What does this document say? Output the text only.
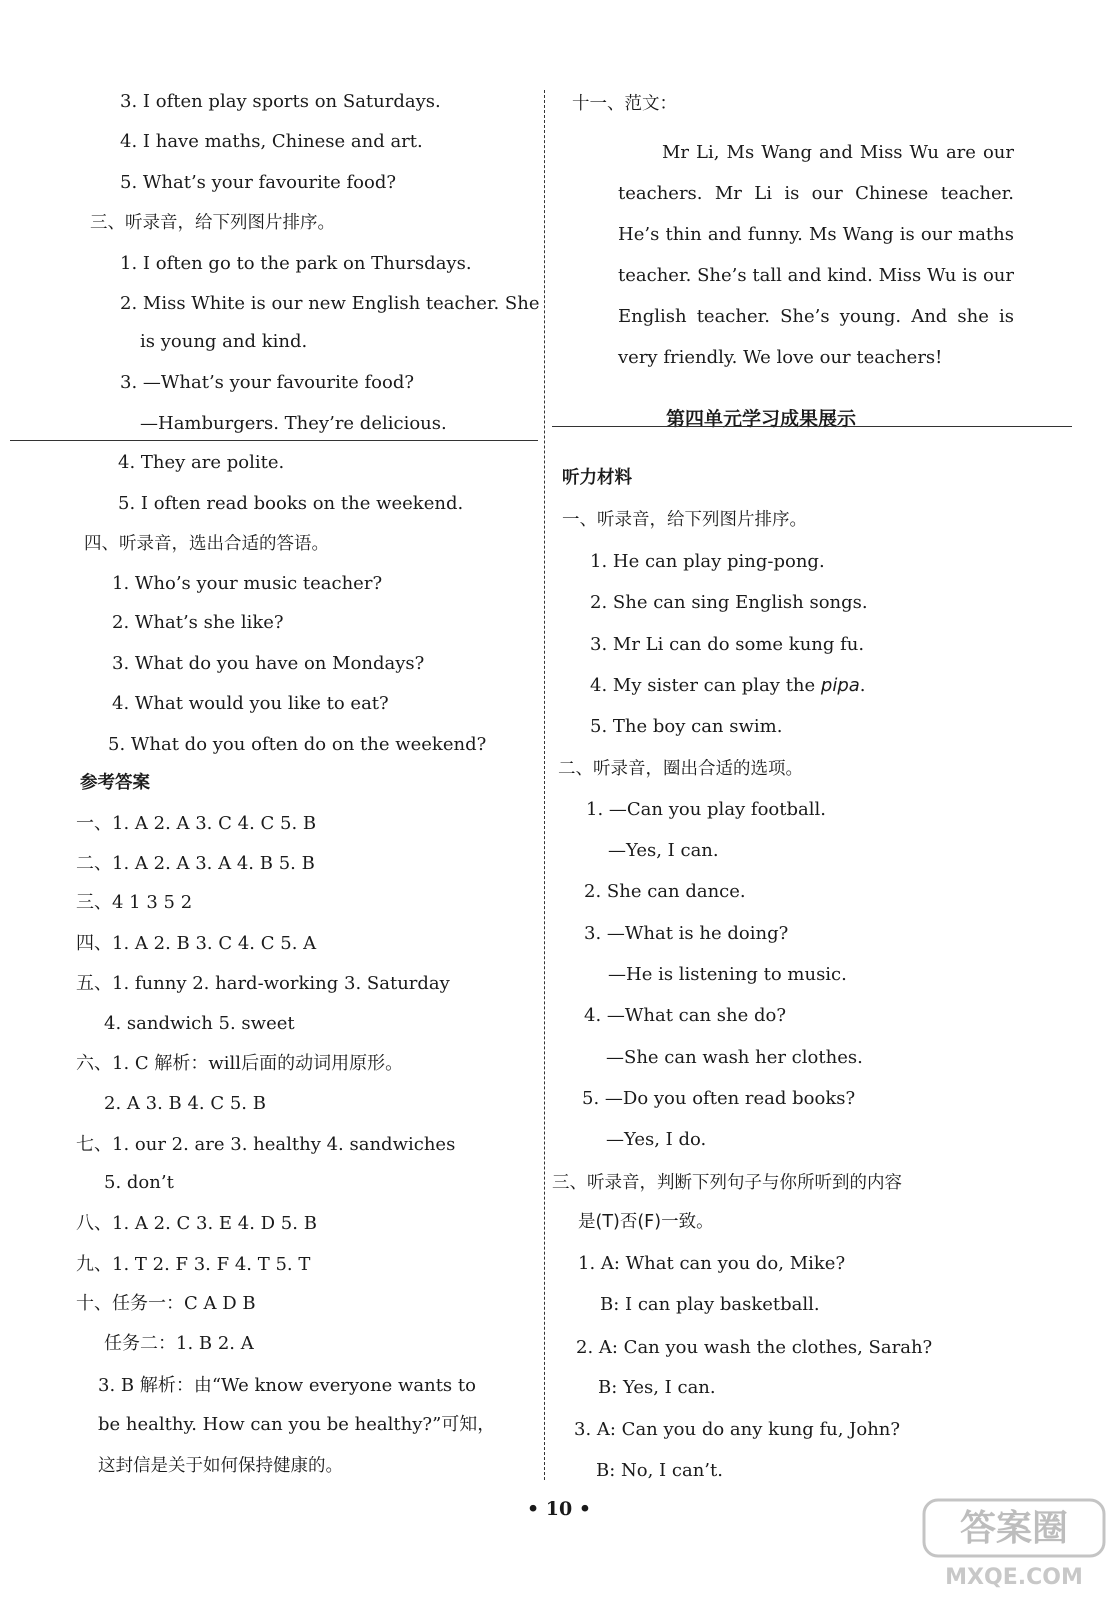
3. I often play sports on Saturdays.
4. I have maths, Chinese and art.
5. What’s your favourite food?
三、听录音，给下列图片排序。
1. I often go to the park on Thursdays.
2. Miss White is our new English teacher. She
is young and kind.
3. —What’s your favourite food?
—Hamburgers. They’re delicious.
4. They are polite.
5. I often read books on the weekend.
四、听录音，选出合适的答语。
1. Who’s your music teacher?
2. What’s she like?
3. What do you have on Mondays?
4. What would you like to eat?
5. What do you often do on the weekend?
参考答案
一、1. A 2. A 3. C 4. C 5. B
二、1. A 2. A 3. A 4. B 5. B
三、4 1 3 5 2
四、1. A 2. B 3. C 4. C 5. A
五、1. funny 2. hard-working 3. Saturday
4. sandwich 5. sweet
六、1. C 解析：will后面的动词用原形。
2. A 3. B 4. C 5. B
七、1. our 2. are 3. healthy 4. sandwiches
5. don’t
八、1. A 2. C 3. E 4. D 5. B
九、1. T 2. F 3. F 4. T 5. T
十、任务一：C A D B
任务二：1. B 2. A
3. B 解析：由“We know everyone wants to
be healthy. How can you be healthy?”可知，
这封信是关于如何保持健康的。
十一、范文：
Mr Li, Ms Wang and Miss Wu are our teachers. Mr Li is our Chinese teacher. He’s thin and funny. Ms Wang is our maths teacher. She’s tall and kind. Miss Wu is our English teacher. She’s young. And she is very friendly. We love our teachers!
第四单元学习成果展示
听力材料
一、听录音，给下列图片排序。
1. He can play ping-pong.
2. She can sing English songs.
3. Mr Li can do some kung fu.
4. My sister can play the pipa.
5. The boy can swim.
二、听录音，圈出合适的选项。
1. —Can you play football.
—Yes, I can.
2. She can dance.
3. —What is he doing?
—He is listening to music.
4. —What can she do?
—She can wash her clothes.
5. —Do you often read books?
—Yes, I do.
三、听录音，判断下列句子与你所听到的内容
是(T)否(F)一致。
1. A: What can you do, Mike?
B: I can play basketball.
2. A: Can you wash the clothes, Sarah?
B: Yes, I can.
3. A: Can you do any kung fu, John?
B: No, I can’t.
• 10 •	答案圈
MXQE.COM
